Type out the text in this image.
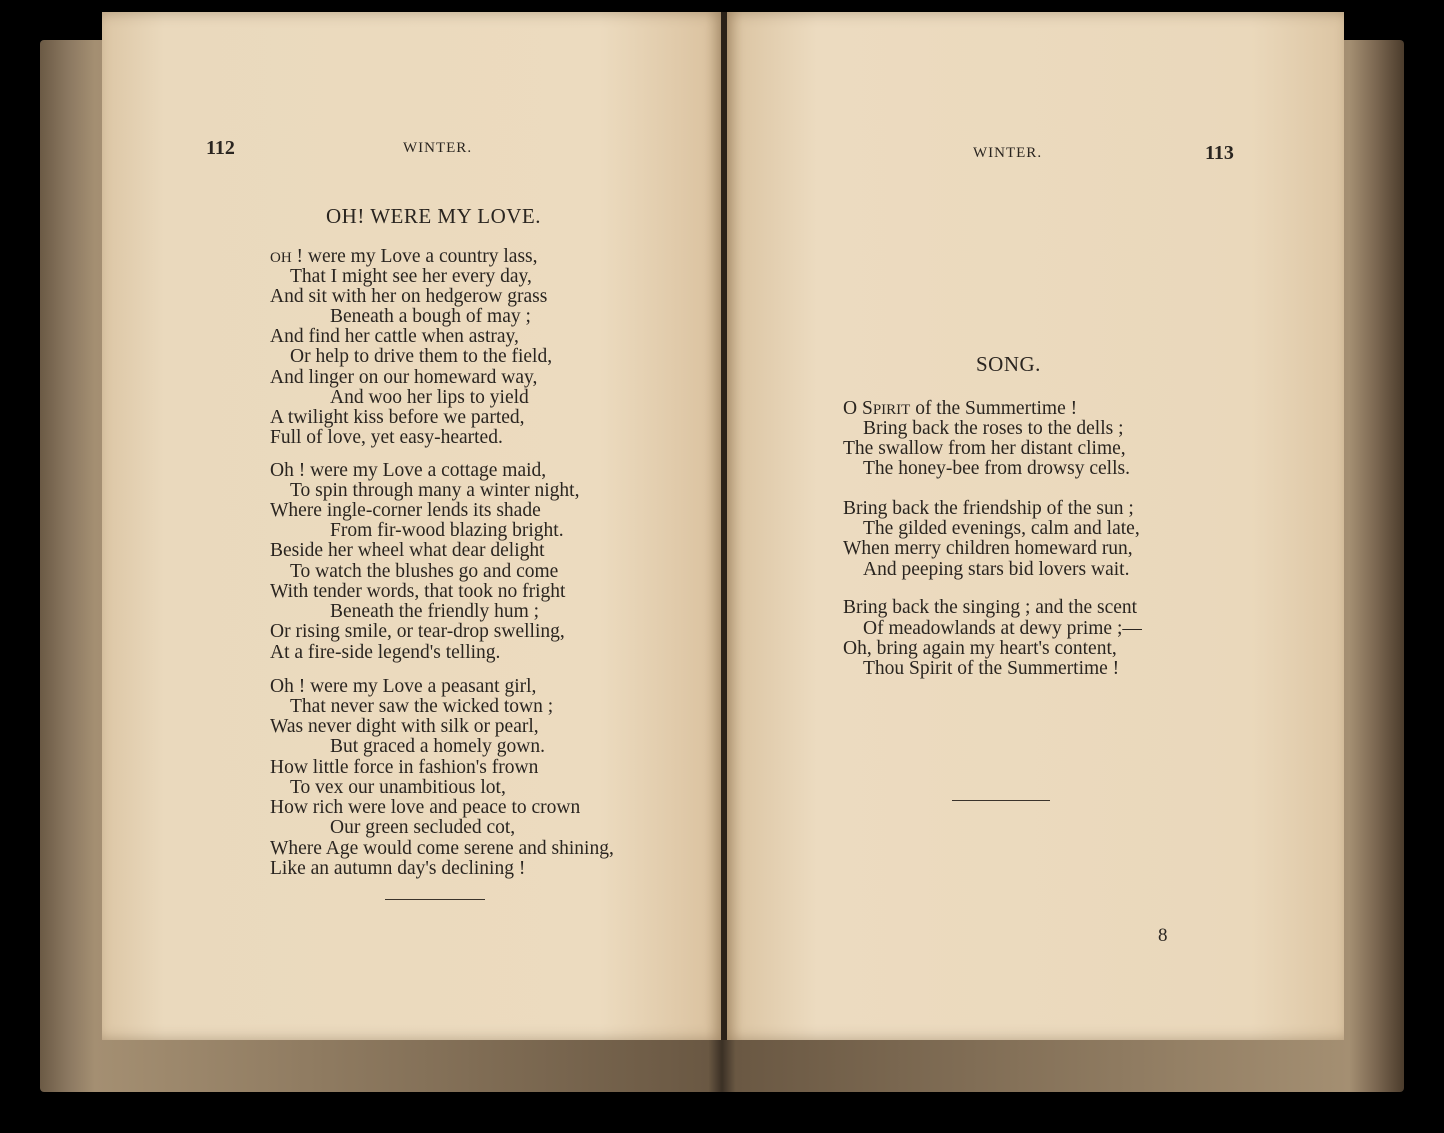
112	WINTER.
OH! WERE MY LOVE.
OH ! were my Love a country lass,
That I might see her every day,
And sit with her on hedgerow grass
Beneath a bough of may ;
And find her cattle when astray,
Or help to drive them to the field,
And linger on our homeward way,
And woo her lips to yield
A twilight kiss before we parted,
Full of love, yet easy-hearted.
Oh ! were my Love a cottage maid,
To spin through many a winter night,
Where ingle-corner lends its shade
From fir-wood blazing bright.
Beside her wheel what dear delight
To watch the blushes go and come
With tender words, that took no fright
Beneath the friendly hum ;
Or rising smile, or tear-drop swelling,
At a fire-side legend's telling.
Oh ! were my Love a peasant girl,
That never saw the wicked town ;
Was never dight with silk or pearl,
But graced a homely gown.
How little force in fashion's frown
To vex our unambitious lot,
How rich were love and peace to crown
Our green secluded cot,
Where Age would come serene and shining,
Like an autumn day's declining !
WINTER.	113
SONG.
O SPIRIT of the Summertime !
Bring back the roses to the dells ;
The swallow from her distant clime,
The honey-bee from drowsy cells.
Bring back the friendship of the sun ;
The gilded evenings, calm and late,
When merry children homeward run,
And peeping stars bid lovers wait.
Bring back the singing ; and the scent
Of meadowlands at dewy prime ;—
Oh, bring again my heart's content,
Thou Spirit of the Summertime !
8
